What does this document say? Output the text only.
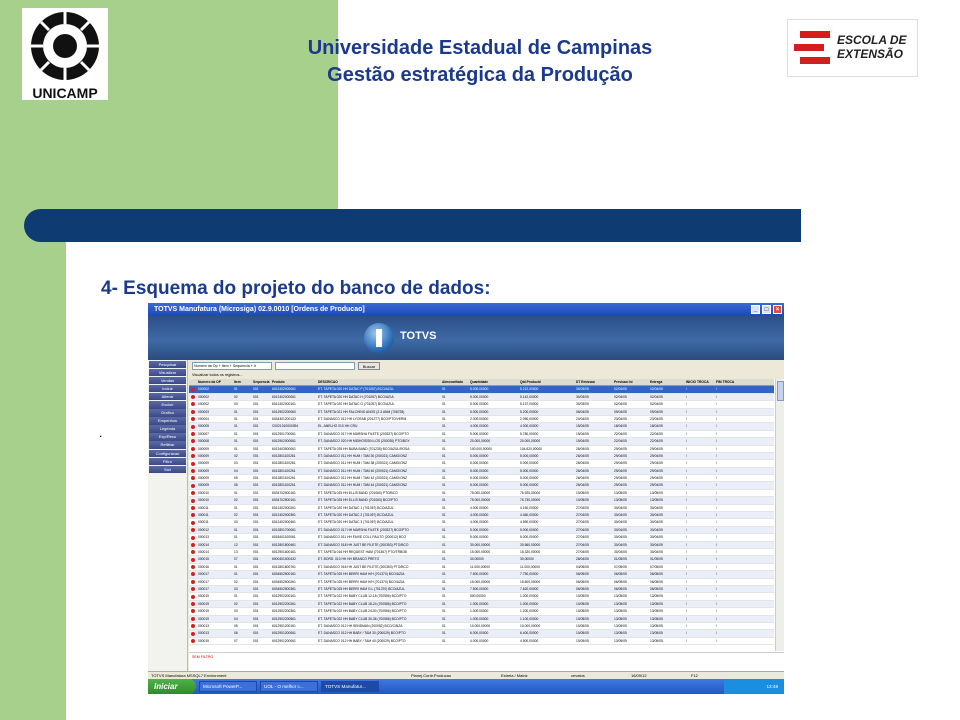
UNICAMP
ESCOLA DE
EXTENSÃO
Universidade Estadual de Campinas
Gestão estratégica da Produção
4- Esquema do projeto do banco de dados:
.
TOTVS Manufatura (Microsiga) 02.9.0010 [Ordens de Producao]	_	□	×
TOTVS
Pesquisar
Visualizar
Vendas
Incluir
Alterar
Excluir
Grafico
Empenhos
Legenda
Exp/Recu
Refiltrar
Configuracao
Filtro
Sair
Numero da Op + Item + Sequencia + It	Buscar
Visualizar todos os registros...
Numero da OP	Item	Sequencia Produto	DESCRICAO	Almoxarifado	Quantidade	Qtd.Produzid	DT Emissao	Previsao Ini	Entrega	INICIO TROCA	FIM TROCA
000002	01	001	6012402000061	ET. TAPETA 020 HH DATAC P (701057) BCO/AZUL	01	5.000,00000	5.212,00000	30/03/05	02/04/05	02/04/05	/	/
000002	02	001	6012402000061	ET. TAPETA 020 HH DATAC H (701057) BCO/AZUL	01	5.000,00000	5.142,00000	30/03/05	02/04/05	02/04/05	/	/
000002	03	001	6012402000161	ET. TAPETA 020 HH DATAC G (701057) BCO/AZUL	01	5.000,00000	5.137,00000	30/03/05	02/04/05	02/04/05	/	/
000003	01	001	6012902200060	ET. TAPETA 021 HH FALCHINO ANOS (2-3 ANM (708728)	01	5.000,00000	5.200,00000	06/04/05	09/04/05	09/04/05	/	/
000004	01	001	6034301200133	ET. DANASCO 012 HH LYCRAB (201277) BCO/PTO/VERM	01	2.000,00000	2.050,00000	20/04/05	23/04/05	23/04/05	/	/
000005	01	001	C0021010000394	EL. ANELHO 010 HH CRU	01	4.000,00000	4.000,00000	15/04/05	18/04/05	18/04/05	/	/
000007	01	001	6012901700061	ET. DANASCO 017 HH MARSHA FILETE (200327) BCO/PTO	01	5.000,00000	5.780,00000	15/04/05	22/04/05	22/04/05	/	/
000008	01	001	6012902000061	ET. DANASCO 020 HH MIDHOISSIN LOS (200030) PTO/BGY	01	20.000,00000	20.000,00000	19/04/05	22/04/05	22/04/05	/	/
000009	01	001	6013403500061	ET. TAPETA 035 HH BUBA BAND (701235) BCO/AZUL/ROSA	01	100.000,00000	104.620,00000	26/04/05	29/04/05	29/04/05	/	/
000009	02	001	6012801100261	ET. DANASCO 011 HH HUM / TAM 30 (200021) CAMO/ONZ	01	5.000,00000	5.000,00000	26/04/05	29/04/05	29/04/05	/	/
000009	03	001	6012801100261	ET. DANASCO 011 HH HUM / TAM 38 (200021) CAMO/ONZ	01	5.000,00000	5.000,00000	26/04/05	29/04/05	29/04/05	/	/
000009	04	001	6012801100261	ET. DANASCO 011 HH HUM / TAM 40 (200021) CAMO/ONZ	01	5.000,00000	5.000,00000	26/04/05	29/04/05	29/04/05	/	/
000009	05	001	6012801100261	ET. DANASCO 011 HH HUM / TAM 42 (200021) CAMO/ONZ	01	5.000,00000	5.000,00000	26/04/05	29/04/05	29/04/05	/	/
000009	06	001	6012801100261	ET. DANASCO 011 HH HUM / TAM 44 (200021) CAMO/ONZ	01	5.000,00000	5.000,00000	26/04/05	29/04/05	29/04/05	/	/
000010	01	001	6034702500161	ET. TAPETA 025 HH ELLIS BAND (701060) PTO/BCO	01	75.000,00000	76.925,00000	10/05/05	13/05/05	13/05/05	/	/
000010	02	001	6034702500161	ET. TAPETA 025 HH ELLIS BAND (701060) BCO/PTO	01	75.000,00000	76.730,00000	10/05/05	13/05/05	13/05/05	/	/
000011	01	001	6012402000261	ET. TAPETA 020 HH DATAC 1 (701057) BCO/AZUL	01	4.000,00000	4.150,00000	27/04/05	30/04/05	30/04/05	/	/
000011	02	001	6012402000361	ET. TAPETA 020 HH DATAC 2 (701057) BCO/AZUL	01	4.000,00000	4.460,00000	27/04/05	30/04/05	30/04/05	/	/
000011	03	001	6012402000461	ET. TAPETA 020 HH DATAC 3 (701057) BCO/AZUL	01	4.000,00000	4.590,00000	27/04/05	30/04/05	30/04/05	/	/
000012	01	001	6012801700061	ET. DANASCO 017 HH MARSHA FILETE (200327) BCO/PTO	01	5.000,00000	5.000,00000	27/04/05	30/04/05	30/04/05	/	/
000013	01	001	6018401100061	ET. DANASCO 011 HH FAIXE COLL PALITO (200012) BCO	01	5.000,00000	5.000,00000	27/04/05	30/04/05	30/04/05	/	/
000014	12	001	6012801800461	ET. DANASCO 018 HH JUST BE FILETE (200353) PTO/BCO	01	30.000,00000	30.560,00000	27/04/05	30/04/05	30/04/05	/	/
000014	13	001	6012901600161	ET. TAPETA 016 HH REQUEST HAM (701367) PTO/TRB/38	01	15.000,00000	15.320,00000	27/04/05	30/04/05	30/04/05	/	/
000015	07	001	6000401000432	ET. BORD. 010 HH HH BRANCO PRETO	01	30,00000	30,00000	28/04/05	01/05/05	01/05/05	/	/
000016	01	001	6012801800761	ET. DANASCO 018 HH JUST BE FILETE (200353) PTO/BCO	01	11.000,00000	11.000,00000	04/05/05	07/05/05	07/05/05	/	/
000017	01	001	6034502500161	ET. TAPETA 025 HH BERRI HAM H/H (701370) BCO/AZUL	01	7.500,00000	7.750,00000	06/05/05	06/05/05	06/05/05	/	/
000017	02	001	6034502500261	ET. TAPETA 025 HH BERRI HAM H/H (701370) BCO/AZUL	01	15.000,00000	15.600,00000	06/05/05	06/05/05	06/05/05	/	/
000017	03	001	6034502500361	ET. TAPETA 025 HH BERRI HAM G.L (701370) BCO/AZUL	01	7.500,00000	7.620,00000	06/05/05	06/05/05	06/05/05	/	/
000019	01	001	6012902200161	ET. TAPETA 022 HH BABY CLUB 12-18 (700556) BCO/PTO	01	500,00000	1.000,00000	10/05/05	13/05/05	13/05/05	/	/
000019	02	001	6012902200261	ET. TAPETA 022 HH BABY CLUB 18-24 (700556) BCO/PTO	01	1.000,00000	1.000,00000	10/05/05	13/05/05	13/05/05	/	/
000019	03	001	6012902200361	ET. TAPETA 022 HH BABY CLUB 24-30 (700556) BCO/PTO	01	1.000,00000	1.200,00000	10/05/05	13/05/05	13/05/05	/	/
000019	04	001	6012902200561	ET. TAPETA 022 HH BABY CLUB 30-36 (700556) BCO/PTO	01	1.000,00000	1.100,00000	10/05/05	13/05/05	13/05/05	/	/
000013	05	001	6012901200161	ET. DANASCO 012 HH SENDMAN (200052) BCO/CINZA	01	10.000,00000	10.000,00000	10/05/05	13/05/05	13/05/05	/	/
000013	06	001	6012901200061	ET. DANASCO 012 HH BABY / TAM 30 (200029) BCO/PTO	01	6.000,00000	6.400,00000	10/05/05	13/05/05	13/05/05	/	/
000019	07	001	6012901200061	ET. DANASCO 012 HH BABY / TAM 40 (200029) BCO/PTO	01	4.000,00000	4.500,00000	10/05/05	13/05/05	13/05/05	/	/
SEM FILTRO
TOTVS Manufatura MSSQL7 Environment	Planej.Contr.Producao	Estrela / Matriz	cevatos	16/09/12	F12
Iniciar	Microsoft PowerP...	UOL - O melhor c...	TOTVS Manufatur...	13:48
